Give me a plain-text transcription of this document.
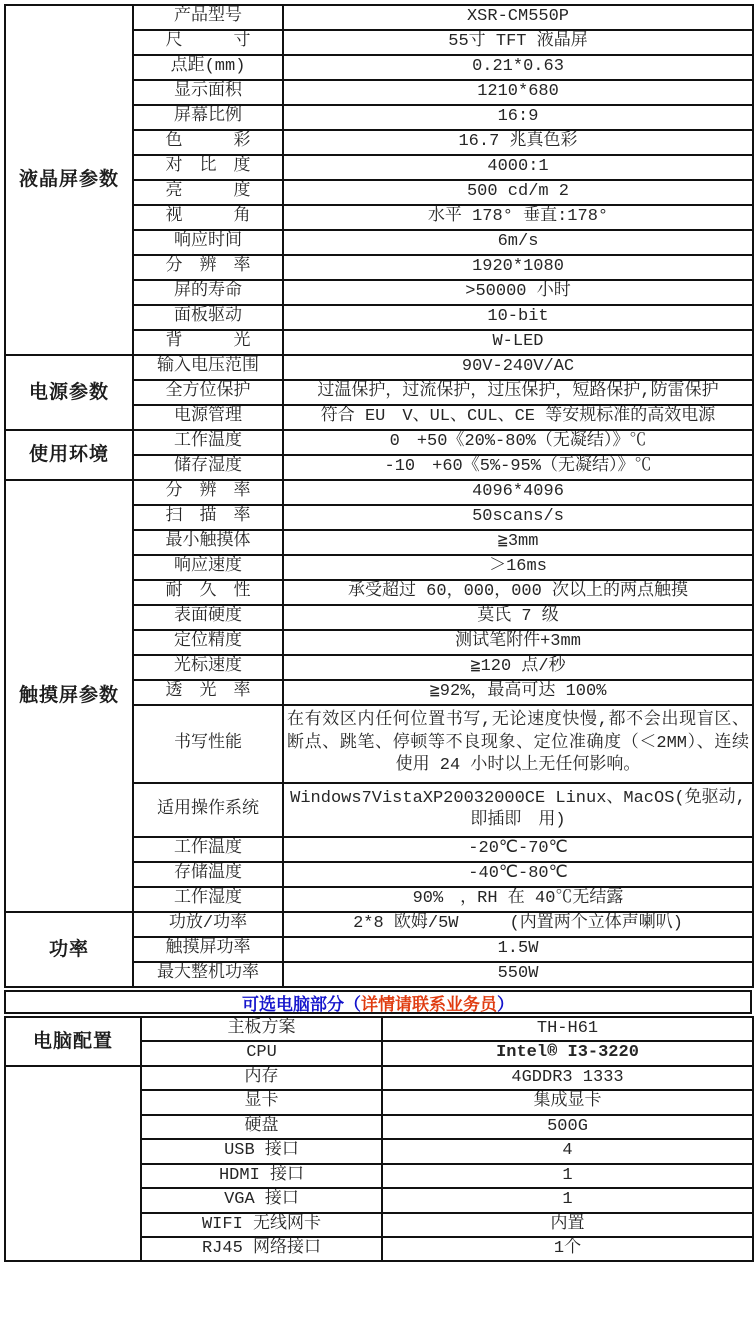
液晶屏参数	产品型号	XSR-CM550P
	尺　　　寸	55寸 TFT 液晶屏
	点距(mm)	0.21*0.63
	显示面积	1210*680
	屏幕比例	16:9
	色　　　彩	16.7 兆真色彩
	对　比　度	4000:1
	亮　　　度	500 cd/m 2
	视　　　角	水平 178° 垂直:178°
	响应时间	6m/s
	分　辨　率	1920*1080
	屏的寿命	>50000 小时
	面板驱动	10-bit
	背　　　光	W-LED
电源参数	输入电压范围	90V-240V/AC
	全方位保护	过温保护，过流保护，过压保护，短路保护,防雷保护
	电源管理	符合 EU　V、UL、CUL、CE 等安规标准的高效电源
使用环境	工作温度	0　+50《20%-80%（无凝结）》℃
	储存湿度	-10　+60《5%-95%（无凝结）》℃
触摸屏参数	分　辨　率	4096*4096
	扫　描　率	50scans/s
	最小触摸体	≧3mm
	响应速度	＞16ms
	耐　久　性	承受超过 60，000，000 次以上的两点触摸
	表面硬度	莫氏 7 级
	定位精度	测试笔附件+3mm
	光标速度	≧120 点/秒
	透　光　率	≧92%，最高可达 100%
	书写性能	在有效区内任何位置书写,无论速度快慢,都不会出现盲区、断点、跳笔、停顿等不良现象、定位准确度（＜2MM）、连续使用 24 小时以上无任何影响。
	适用操作系统	Windows7VistaXP20032000CE Linux、MacOS(免驱动,即插即　用)
	工作温度	-20℃-70℃
	存储温度	-40℃-80℃
	工作湿度	90%　，RH 在 40℃无结露
功率	功放/功率	2*8 欧姆/5W　　　(内置两个立体声喇叭)
	触摸屏功率	1.5W
	最大整机功率	550W
可选电脑部分（ 详情请联系业务员 ）
电脑配置	主板方案	TH-H61
	CPU	Intel® I3-3220
	内存	4GDDR3 1333
	显卡	集成显卡
	硬盘	500G
	USB 接口	4
	HDMI 接口	1
	VGA 接口	1
	WIFI 无线网卡	内置
	RJ45 网络接口	1个
